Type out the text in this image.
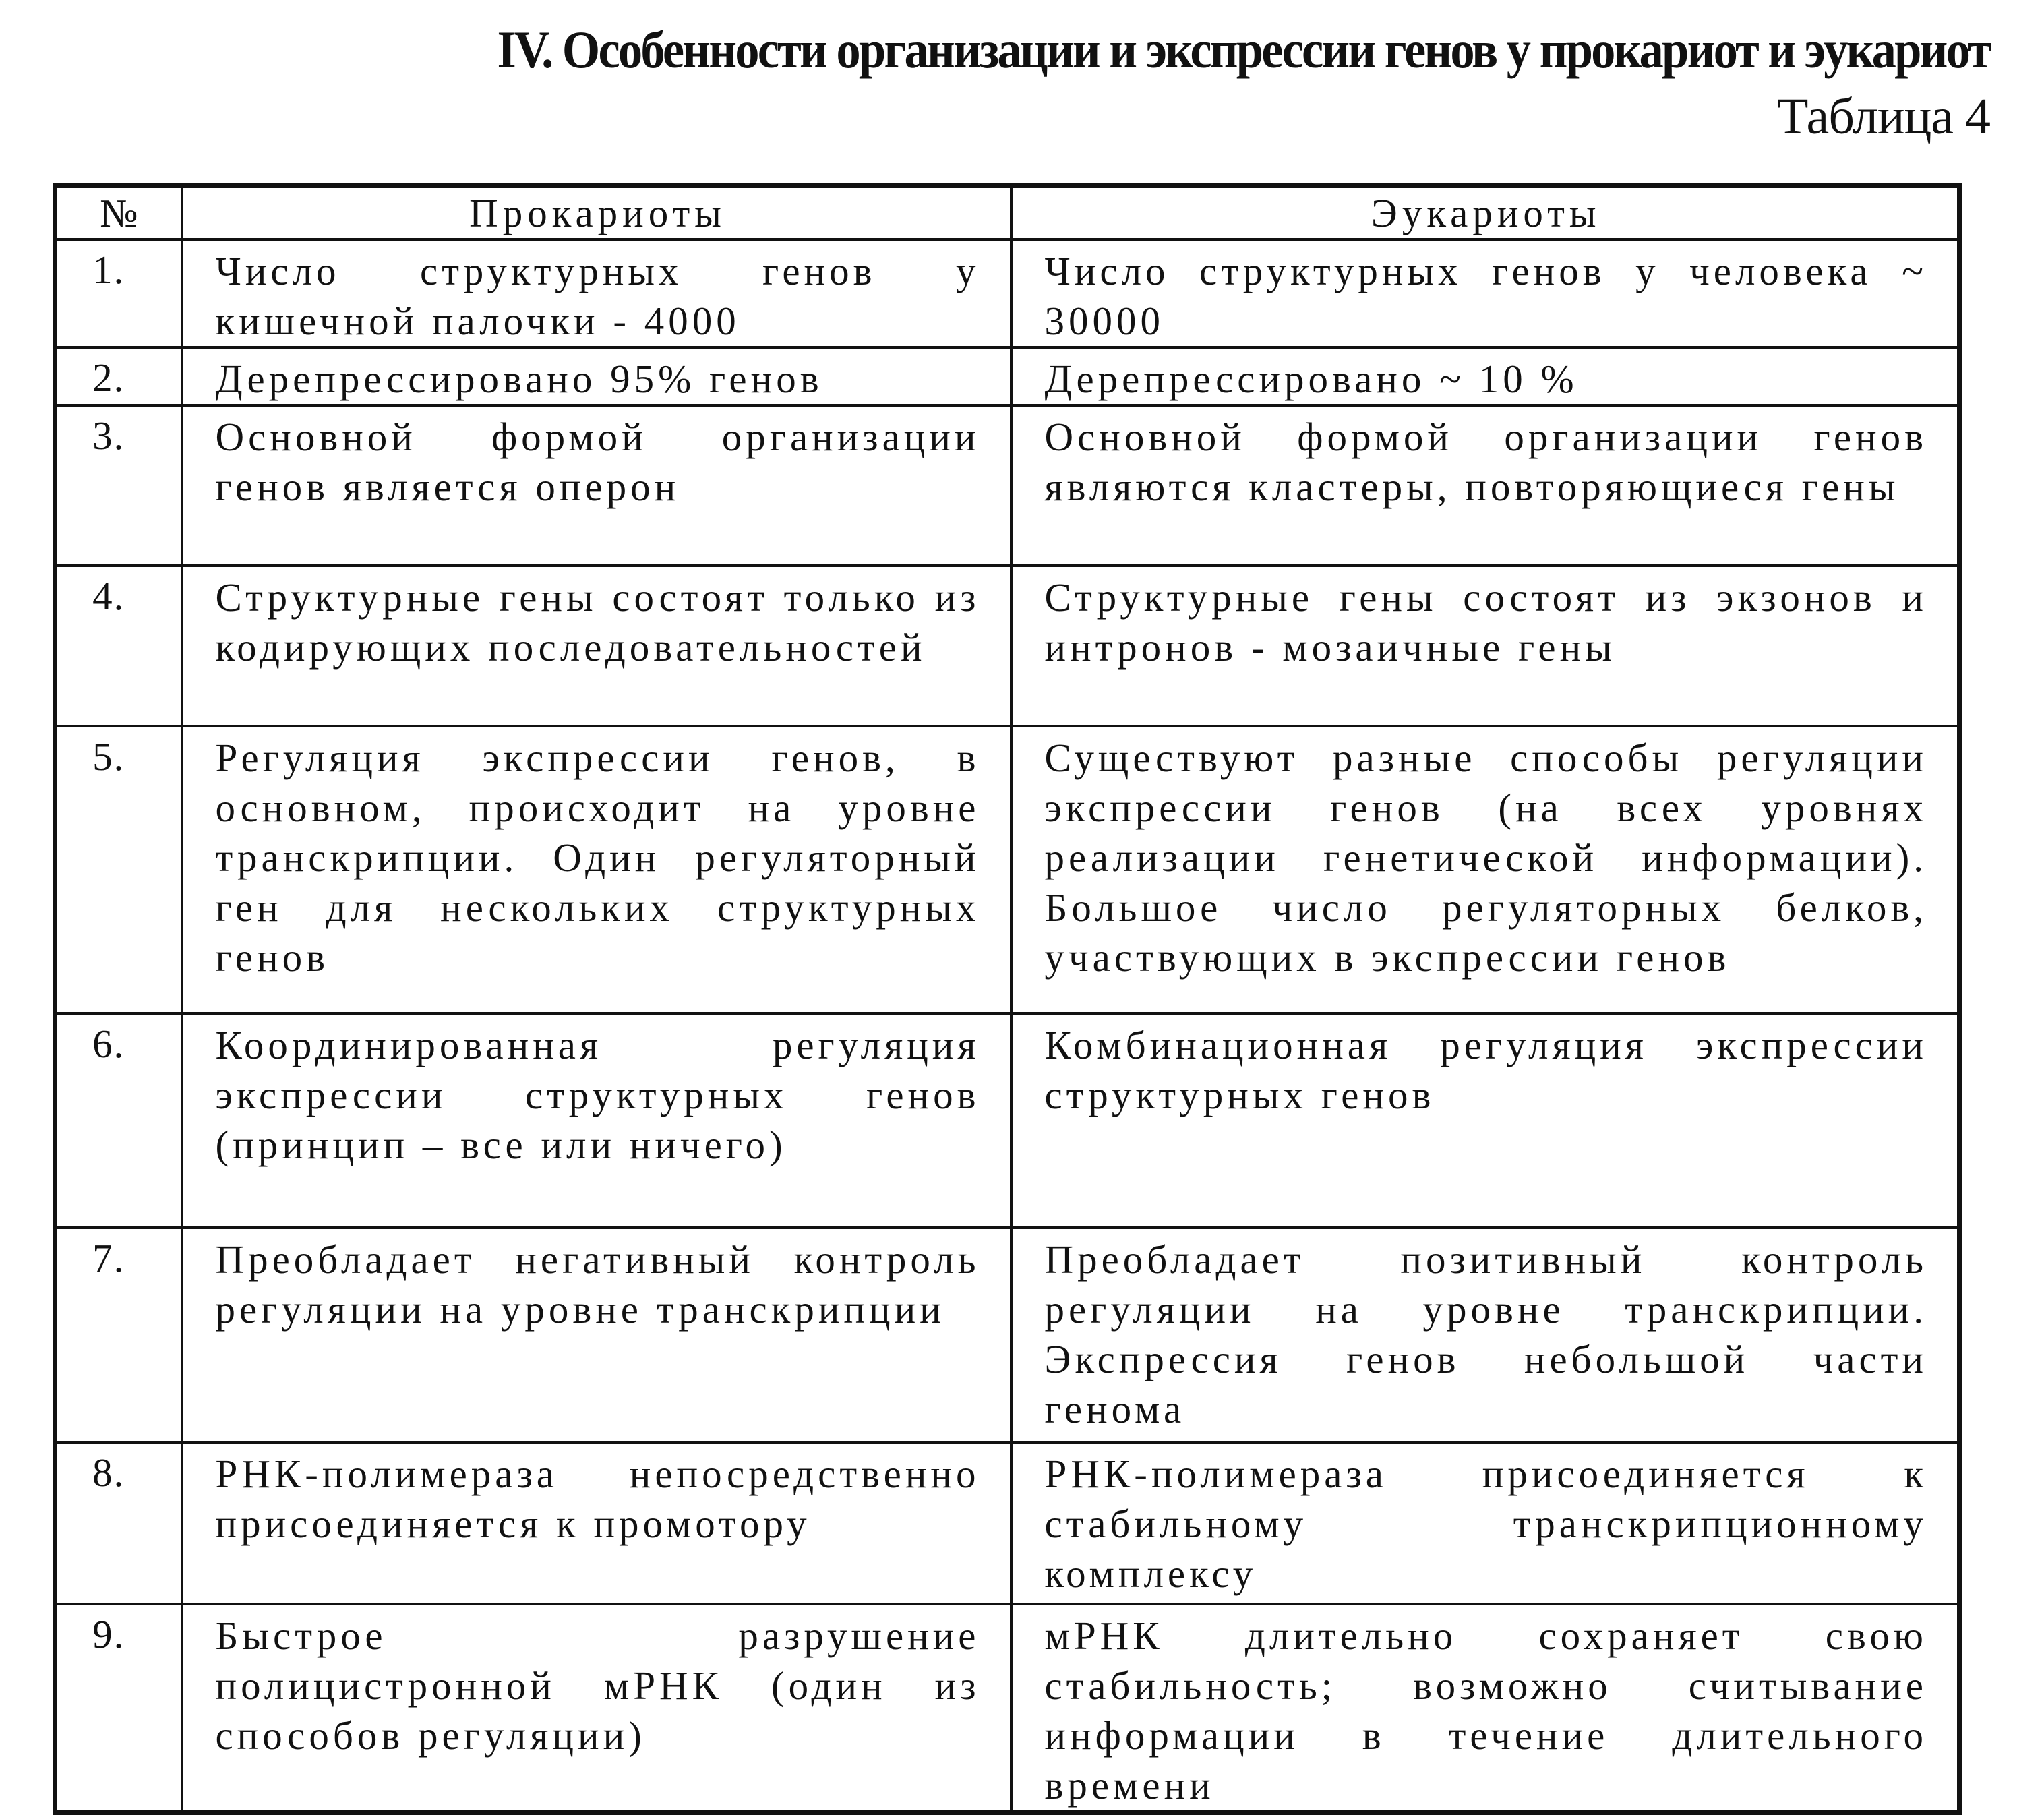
IV. Особенности организации и экспрессии генов у прокариот и эукариот
Таблица 4
№	Прокариоты	Эукариоты
1.	Число структурных генов у кишечной палочки - 4000	Число структурных генов у человека ~ 30000
2.	Дерепрессировано 95% генов	Дерепрессировано ~ 10 %
3.	Основной формой организации генов является оперон	Основной формой организации генов являются кластеры, повторяющиеся гены
4.	Структурные гены состоят только из кодирующих последовательностей	Структурные гены состоят из экзонов и интронов - мозаичные гены
5.	Регуляция экспрессии генов, в основном, происходит на уровне транскрипции. Один регуляторный ген для нескольких структурных генов	Существуют разные способы регуляции экспрессии генов (на всех уровнях реализации генетической информации). Большое число регуляторных белков, участвующих в экспрессии генов
6.	Координированная регуляция экспрессии структурных генов (принцип – все или ничего)	Комбинационная регуляция экспрессии структурных генов
7.	Преобладает негативный контроль регуляции на уровне транскрипции	Преобладает позитивный контроль регуляции на уровне транскрипции. Экспрессия генов небольшой части генома
8.	РНК-полимераза непосредственно присоединяется к промотору	РНК-полимераза присоединяется к стабильному транскрипционному комплексу
9.	Быстрое разрушение полицистронной мРНК (один из способов регуляции)	мРНК длительно сохраняет свою стабильность; возможно считывание информации в течение длительного времени
